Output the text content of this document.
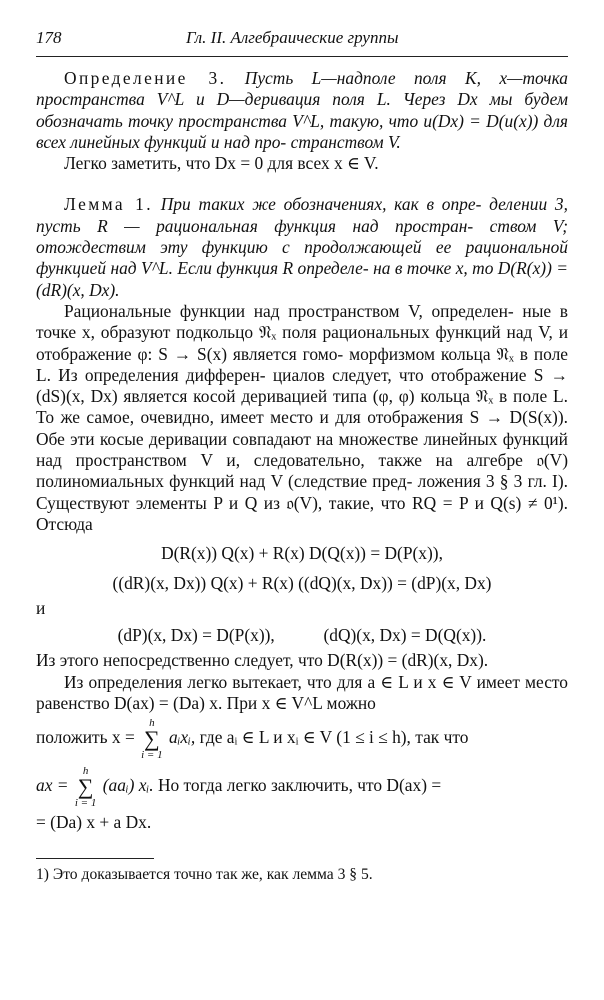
178	Гл. II. Алгебраические группы
Определение 3. Пусть L—надполе поля K, x—точка пространства V^L и D—деривация поля L. Через Dx мы будем обозначать точку пространства V^L, такую, что u(Dx) = D(u(x)) для всех линейных функций и над про- странством V.
Легко заметить, что Dx = 0 для всех x ∈ V.
Лемма 1. При таких же обозначениях, как в опре- делении 3, пусть R — рациональная функция над простран- ством V; отождествим эту функцию с продолжающей ее рациональной функцией над V^L. Если функция R определе- на в точке x, то D(R(x)) = (dR)(x, Dx).
Рациональные функции над пространством V, определен- ные в точке x, образуют подкольцо 𝔑ₓ поля рациональных функций над V, и отображение φ: S → S(x) является гомо- морфизмом кольца 𝔑ₓ в поле L. Из определения дифферен- циалов следует, что отображение S → (dS)(x, Dx) является косой деривацией типа (φ, φ) кольца 𝔑ₓ в поле L. То же самое, очевидно, имеет место и для отображения S → D(S(x)). Обе эти косые деривации совпадают на множестве линейных функций над пространством V и, следовательно, также на алгебре 𝔬(V) полиномиальных функций над V (следствие пред- ложения 3 § 3 гл. I). Существуют элементы P и Q из 𝔬(V), такие, что RQ = P и Q(s) ≠ 0¹). Отсюда
D(R(x)) Q(x) + R(x) D(Q(x)) = D(P(x)),
((dR)(x, Dx)) Q(x) + R(x) ((dQ)(x, Dx)) = (dP)(x, Dx)
и
(dP)(x, Dx) = D(P(x)),	(dQ)(x, Dx) = D(Q(x)).
Из этого непосредственно следует, что D(R(x)) = (dR)(x, Dx).
Из определения легко вытекает, что для a ∈ L и x ∈ V имеет место равенство D(ax) = (Da) x. При x ∈ V^L можно
положить x =
h
∑
i = 1
aᵢxᵢ, где aᵢ ∈ L и xᵢ ∈ V (1 ≤ i ≤ h), так что
ax =
h
∑
i = 1
(aaᵢ) xᵢ. Но тогда легко заключить, что D(ax) =
= (Da) x + a Dx.
1) Это доказывается точно так же, как лемма 3 § 5.
